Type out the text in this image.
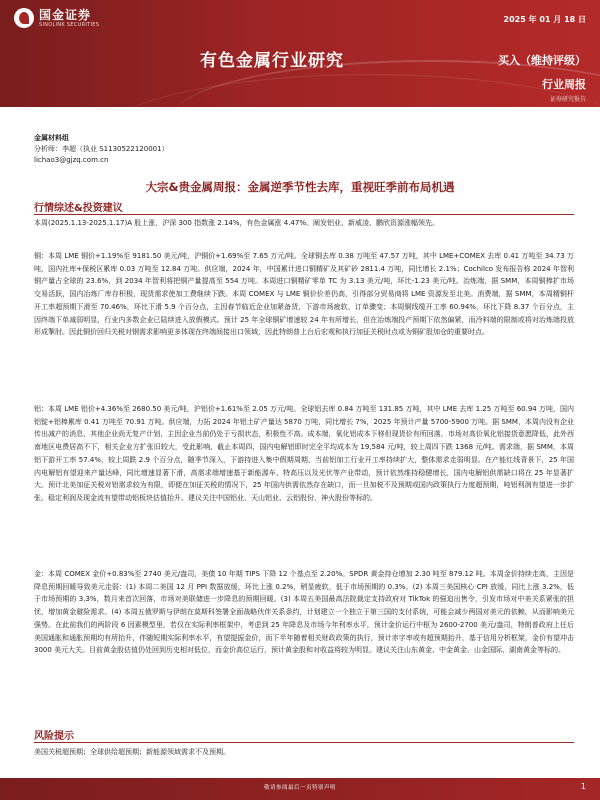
国金证券
SINOLINK SECURITIES
2025 年 01 月 18 日
有色金属行业研究	买入（维持评级）
行业周报
证券研究报告
金属材料组
分析师：李超（执业 S1130522120001）
lichao3@gjzq.com.cn
大宗&贵金属周报：金属逆季节性去库，重视旺季前布局机遇
行情综述&投资建议
本周(2025.1.13-2025.1.17)A 股上涨，沪深 300 指数涨 2.14%，有色金属涨 4.47%。阐发铝业、新威凌、鹏欣资源涨幅领先。
铜：本周 LME 铜价+1.19%至 9181.50 美元/吨，沪铜价+1.69%至 7.65 万元/吨。全球铜去库 0.38 万吨至 47.57 万吨，其中 LME+COMEX 去库 0.41 万吨至 34.73 万吨，国内社库+保税区累库 0.03 万吨至 12.84 万吨。供应端，2024 年，中国累计进口铜精矿及其矿砂 2811.4 万吨，同比增长 2.1%；Cochilco 发布报告称 2024 年智利铜产量占全球的 23.6%，到 2034 年智利将把铜产量提高至 554 万吨。本周进口铜精矿零单 TC 为 3.13 美元/吨，环比-1.23 美元/吨。冶炼端，据 SMM，本周铜棒扩市场交易活跃，国内冶炼厂库存积极，现货需求使加工费继续下跌。本周 COMEX 与 LME 铜价价差仍高，引得部分贸易商将 LME 资源发至北美。消费端，据 SMM，本周精铜杆开工率超预期下滑至 70.46%，环比下滑 5.9 个百分点，主因春节临近企业加紧备货，下游市场疲软，订单骤变；本周铜线缆开工率 60.94%，环比下降 8.37 个百分点，主因终端下单减弱明显，行业内多数企业已陆续进入放假模式。预计 25 年全球铜矿增速较 24 年有所增长，但在冶炼端投产预期下依然偏紧，而冷料端的限制或将对冶炼端投放形成掣肘。因此铜价回归关税对钢需求影响更多体现在终端间接出口领域，因此特朗普上台后宏观和执行加征关税时点或为铜矿股加仓的重要时点。
铝：本周 LME 铝价+4.36%至 2680.50 美元/吨，沪铝价+1.61%至 2.05 万元/吨。全球铝去库 0.84 万吨至 131.85 万吨，其中 LME 去库 1.25 万吨至 60.94 万吨，国内铝锭+铝棒累库 0.41 万吨至 70.91 万吨。供应端，力拓 2024 年铝土矿产量达 5870 万吨，同比增长 7%，2025 年预计产量 5700-5900 万吨。据 SMM，本周内没有企业传出减产的消息，其他企业尚无复产计划，主因企业当前仍处于亏损状态，积极性不高。成本端，氧化铝成本下移但现货价有所回落，市场对高价氧化铝接货意愿降低，此外西南地区电费居高不下，相关企业方扩张旧较大，受此影响，截止本周四，国内电解铝即时完全平均成本为 19,584 元/吨，较上周四下跌 1368 元/吨。需求端，据 SMM，本周铝下游开工率 57.4%，较上周跌 2.9 个百分点，随季节深入，下游持进入集中假期周期，当前铝加工行业开工率持续扩大，整体需求走弱明显。在产能红线背景下，25 年国内电解铝有望迎来产量达峰，同比增速显著下滑，高需求端增速基于新能源车、特高压以及光伏等产业带动，预计依然维持稳健增长，国内电解铝供需缺口将在 25 年显著扩大。预计北美加征关税对铝需求较为有限，即便在加征关税的情况下，25 年国内供需依然存在缺口，而一旦加税不及预期或国内政策执行力度超预期，吨铝利润有望进一步扩张。稳定利润及现金流有望带动铝板块估值抬升。建议关注中国铝业、天山铝业、云铝股份、神火股份等标的。
金：本周 COMEX 金价+0.83%至 2740 美元/盎司，美债 10 年期 TIPS 下降 12 个基点至 2.20%。SPDR 黄金持仓增加 2.30 吨至 879.12 吨。本周金价持续走高，主因是降息预期回暖导致美元走弱：(1) 本周二美国 12 月 PPI 数据放缓，环比上涨 0.2%，稍显疲软，低于市场预期的 0.3%。(2) 本周三美国核心 CPI 放缓，同比上涨 3.2%，低于市场预期的 3.3%，数月来首次回落，市场对美联储进一步降息的预期回暖。(3) 本周五美国最高法院裁定支持政府对 TikTok 的强迫出售令，引发市场对中美关系紧张的担忧，增加黄金避险需求。(4) 本周五俄罗斯与伊朗在莫斯科签署全面战略伙伴关系条约，计划建立一个独立于第三国的支付系统，可能会减少两国对美元的依赖，从而影响美元强势。在此前我们的两阶段 6 因素模型里，若仅在实际利率框架中，考虑到 25 年降息及市场今年利率水平，预计金价运行中枢为 2600-2700 美元/盎司，特朗普政府上任后美国通胀和通胀预期均有所抬升，伴随短期实际利率水平，有望提振金价，而下半年随着相关财政政策的执行，预计赤字率或有超预期抬升，基于信用分析框架，金价有望冲击 3000 美元大关。目前黄金股估值仍处回到历史相对低位，而金价高位运行，预计黄金股和对收益将较为明显。建议关注山东黄金、中金黄金、山金国际、湖南黄金等标的。
风险提示
美国关税超预期；全球供给超预期；新能源领域需求不及预期。
敬请参阅最后一页特别声明	1
